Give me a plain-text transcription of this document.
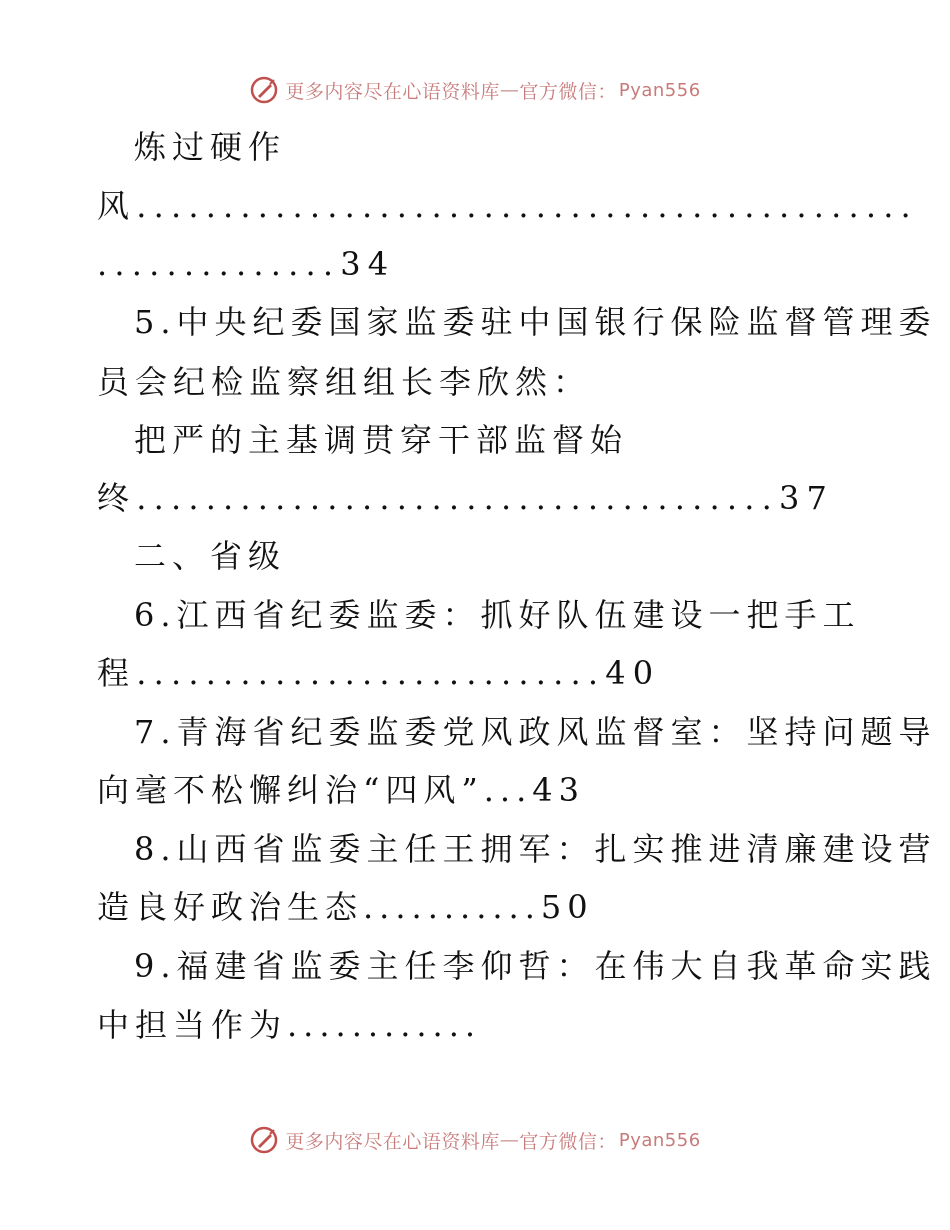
更多内容尽在心语资料库 — 官方微信： Pyan556
炼过硬作
风.............................................
..............34
5.中央纪委国家监委驻中国银行保险监督管理委
员会纪检监察组组长李欣然：
把严的主基调贯穿干部监督始
终.....................................37
二、省级
6.江西省纪委监委：抓好队伍建设一把手工
程...........................40
7.青海省纪委监委党风政风监督室：坚持问题导
向毫不松懈纠治“四风”...43
8.山西省监委主任王拥军：扎实推进清廉建设营
造良好政治生态...........50
9.福建省监委主任李仰哲：在伟大自我革命实践
中担当作为............
更多内容尽在心语资料库 — 官方微信： Pyan556
